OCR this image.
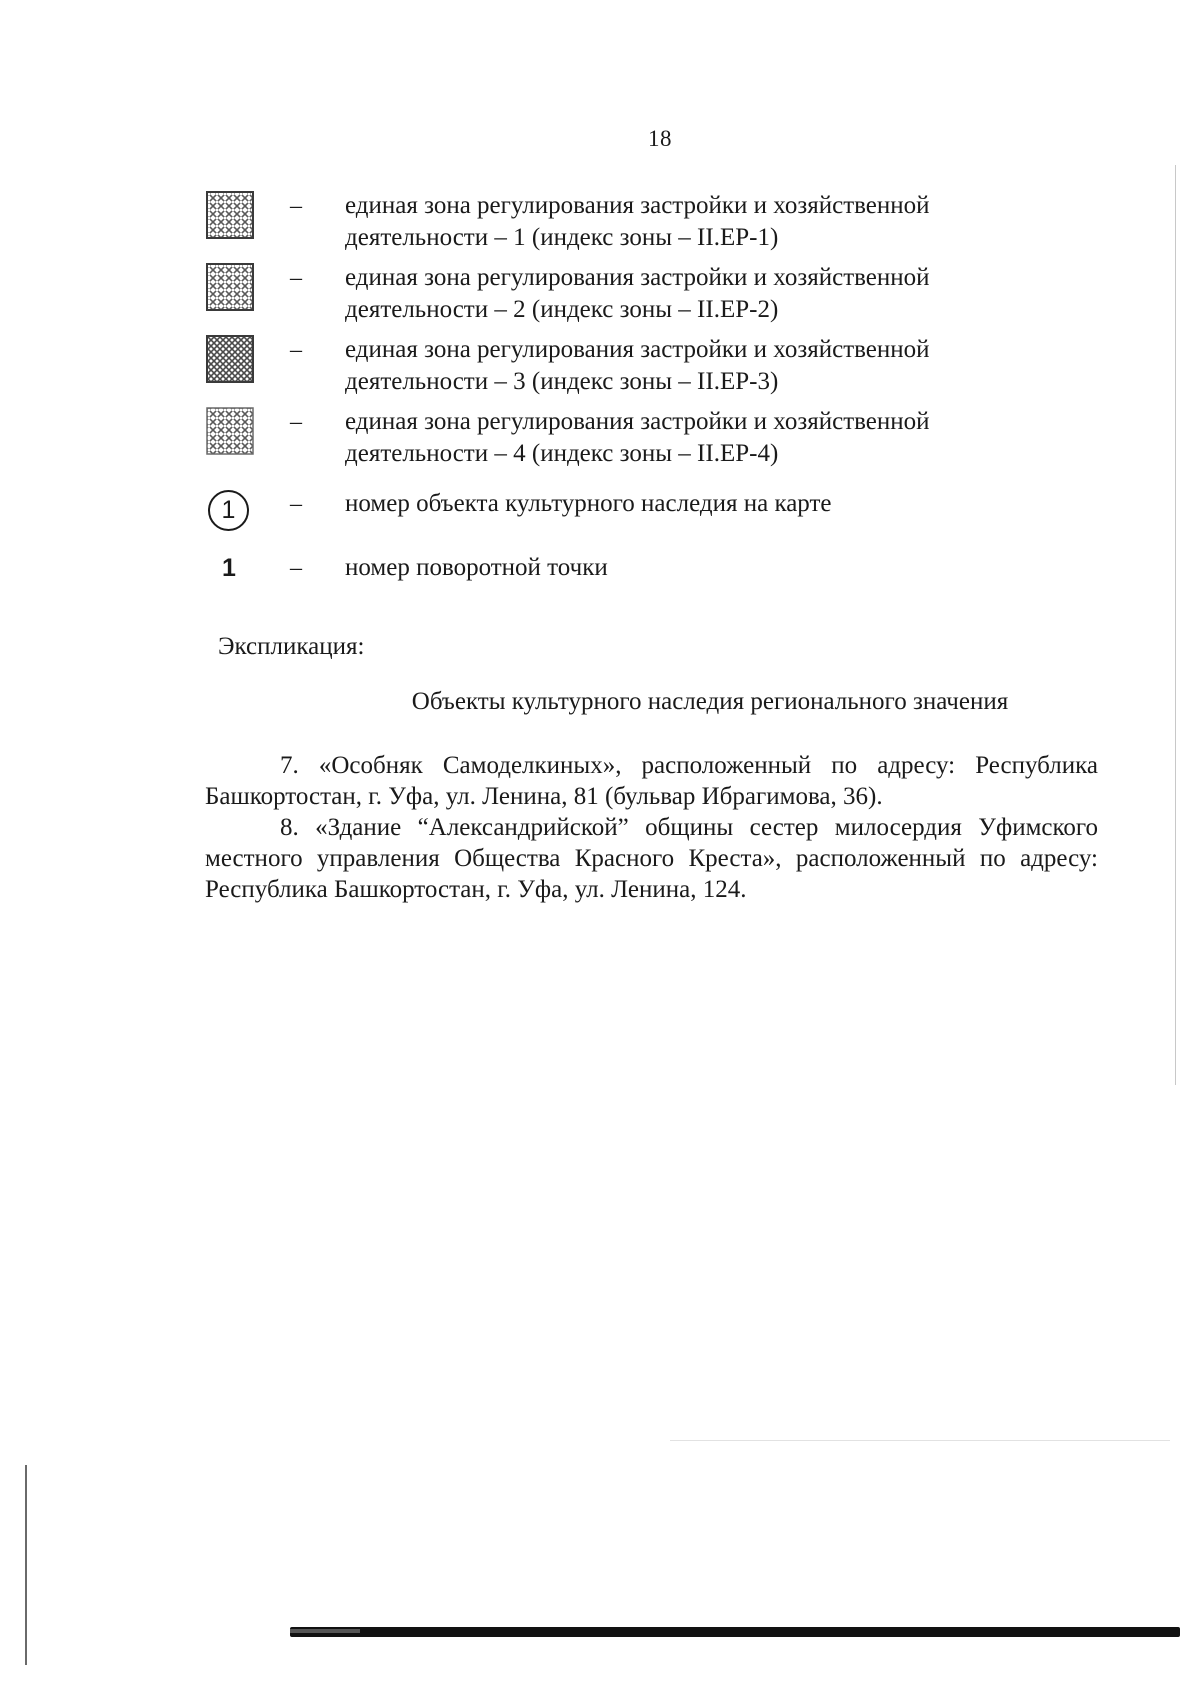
18
– единая зона регулирования застройки и хозяйственной деятельности – 1 (индекс зоны – II.ЕР-1)
– единая зона регулирования застройки и хозяйственной деятельности – 2 (индекс зоны – II.ЕР-2)
– единая зона регулирования застройки и хозяйственной деятельности – 3 (индекс зоны – II.ЕР-3)
– единая зона регулирования застройки и хозяйственной деятельности – 4 (индекс зоны – II.ЕР-4)
1	– номер объекта культурного наследия на карте
1 – номер поворотной точки
Экспликация:
Объекты культурного наследия регионального значения

7. «Особняк Самоделкиных», расположенный по адресу: Республика Башкортостан, г. Уфа, ул. Ленина, 81 (бульвар Ибрагимова, 36).

8. «Здание “Александрийской” общины сестер милосердия Уфимского местного управления Общества Красного Креста», расположенный по адресу: Республика Башкортостан, г. Уфа, ул. Ленина, 124.
